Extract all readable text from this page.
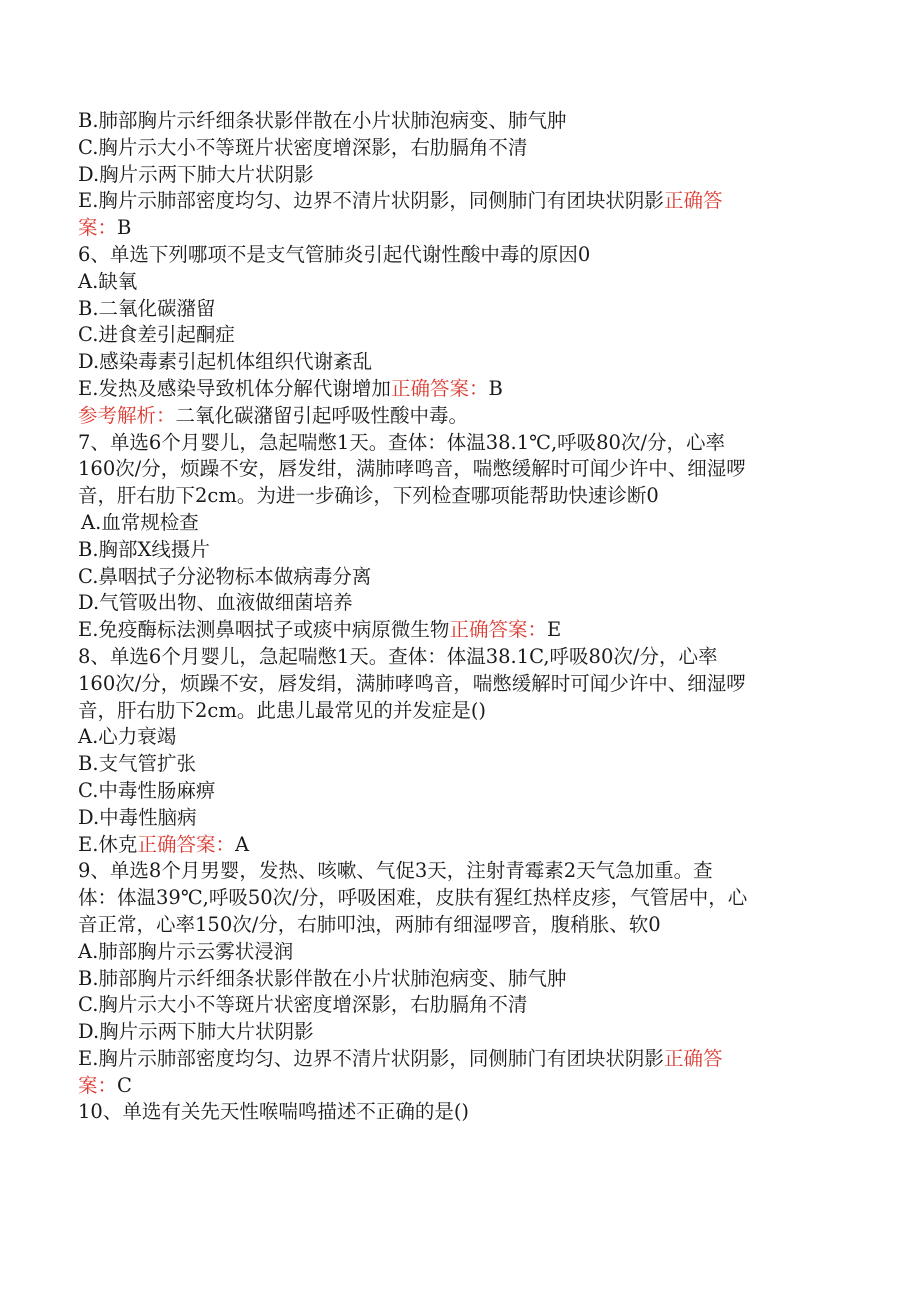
B.肺部胸片示纤细条状影伴散在小片状肺泡病变、肺气肿
C.胸片示大小不等斑片状密度增深影，右肋膈角不清
D.胸片示两下肺大片状阴影
E.胸片示肺部密度均匀、边界不清片状阴影，同侧肺门有团块状阴影正确答
案：B
6、单选下列哪项不是支气管肺炎引起代谢性酸中毒的原因0
A.缺氧
B.二氧化碳潴留
C.进食差引起酮症
D.感染毒素引起机体组织代谢紊乱
E.发热及感染导致机体分解代谢增加正确答案：B
参考解析：二氧化碳潴留引起呼吸性酸中毒。
7、单选6个月婴儿，急起喘憋1天。查体：体温38.1℃,呼吸80次/分，心率
160次/分，烦躁不安，唇发绀，满肺哮鸣音，喘憋缓解时可闻少许中、细湿啰
音，肝右肋下2cm。为进一步确诊，下列检查哪项能帮助快速诊断0
A.血常规检查
B.胸部X线摄片
C.鼻咽拭子分泌物标本做病毒分离
D.气管吸出物、血液做细菌培养
E.免疫酶标法测鼻咽拭子或痰中病原微生物正确答案：E
8、单选6个月婴儿，急起喘憋1天。查体：体温38.1C,呼吸80次/分，心率
160次/分，烦躁不安，唇发绢，满肺哮鸣音，喘憋缓解时可闻少许中、细湿啰
音，肝右肋下2cm。此患儿最常见的并发症是()
A.心力衰竭
B.支气管扩张
C.中毒性肠麻痹
D.中毒性脑病
E.休克正确答案：A
9、单选8个月男婴，发热、咳嗽、气促3天，注射青霉素2天气急加重。查
体：体温39℃,呼吸50次/分，呼吸困难，皮肤有猩红热样皮疹，气管居中，心
音正常，心率150次/分，右肺叩浊，两肺有细湿啰音，腹稍胀、软0
A.肺部胸片示云雾状浸润
B.肺部胸片示纤细条状影伴散在小片状肺泡病变、肺气肿
C.胸片示大小不等斑片状密度增深影，右肋膈角不清
D.胸片示两下肺大片状阴影
E.胸片示肺部密度均匀、边界不清片状阴影，同侧肺门有团块状阴影正确答
案：C
10、单选有关先天性喉喘鸣描述不正确的是()
